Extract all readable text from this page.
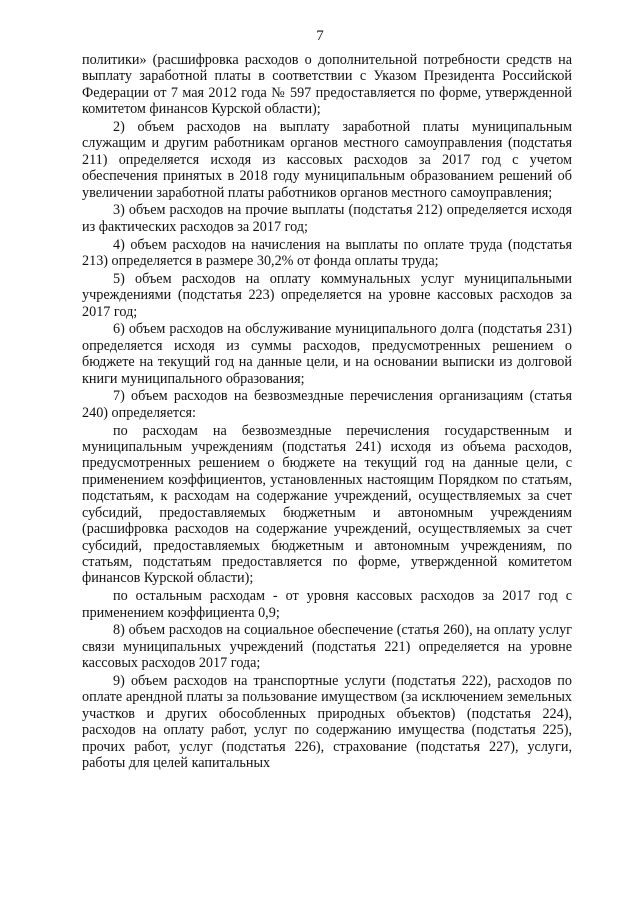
7

политики» (расшифровка расходов о дополнительной потребности средств на выплату заработной платы в соответствии с Указом Президента Российской Федерации от 7 мая 2012 года № 597 предоставляется по форме, утвержденной комитетом финансов Курской области);

2) объем расходов на выплату заработной платы муниципальным служащим и другим работникам органов местного самоуправления (подстатья 211) определяется исходя из кассовых расходов за 2017 год с учетом обеспечения принятых в 2018 году муниципальным образованием решений об увеличении заработной платы работников органов местного самоуправления;

3) объем расходов на прочие выплаты (подстатья 212) определяется исходя из фактических расходов за 2017 год;

4) объем расходов на начисления на выплаты по оплате труда (подстатья 213) определяется в размере 30,2% от фонда оплаты труда;

5) объем расходов на оплату коммунальных услуг муниципальными учреждениями (подстатья 223) определяется на уровне кассовых расходов за 2017 год;

6) объем расходов на обслуживание муниципального долга (подстатья 231) определяется исходя из суммы расходов, предусмотренных решением о бюджете на текущий год на данные цели, и на основании выписки из долговой книги муниципального образования;

7) объем расходов на безвозмездные перечисления организациям (статья 240) определяется:

по расходам на безвозмездные перечисления государственным и муниципальным учреждениям (подстатья 241) исходя из объема расходов, предусмотренных решением о бюджете на текущий год на данные цели, с применением коэффициентов, установленных настоящим Порядком по статьям, подстатьям, к расходам на содержание учреждений, осуществляемых за счет субсидий, предоставляемых бюджетным и автономным учреждениям (расшифровка расходов на содержание учреждений, осуществляемых за счет субсидий, предоставляемых бюджетным и автономным учреждениям, по статьям, подстатьям предоставляется по форме, утвержденной комитетом финансов Курской области);

по остальным расходам - от уровня кассовых расходов за 2017 год с применением коэффициента 0,9;

8) объем расходов на социальное обеспечение (статья 260), на оплату услуг связи муниципальных учреждений (подстатья 221) определяется на уровне кассовых расходов 2017 года;

9) объем расходов на транспортные услуги (подстатья 222), расходов по оплате арендной платы за пользование имуществом (за исключением земельных участков и других обособленных природных объектов) (подстатья 224), расходов на оплату работ, услуг по содержанию имущества (подстатья 225), прочих работ, услуг (подстатья 226), страхование (подстатья 227), услуги, работы для целей капитальных
